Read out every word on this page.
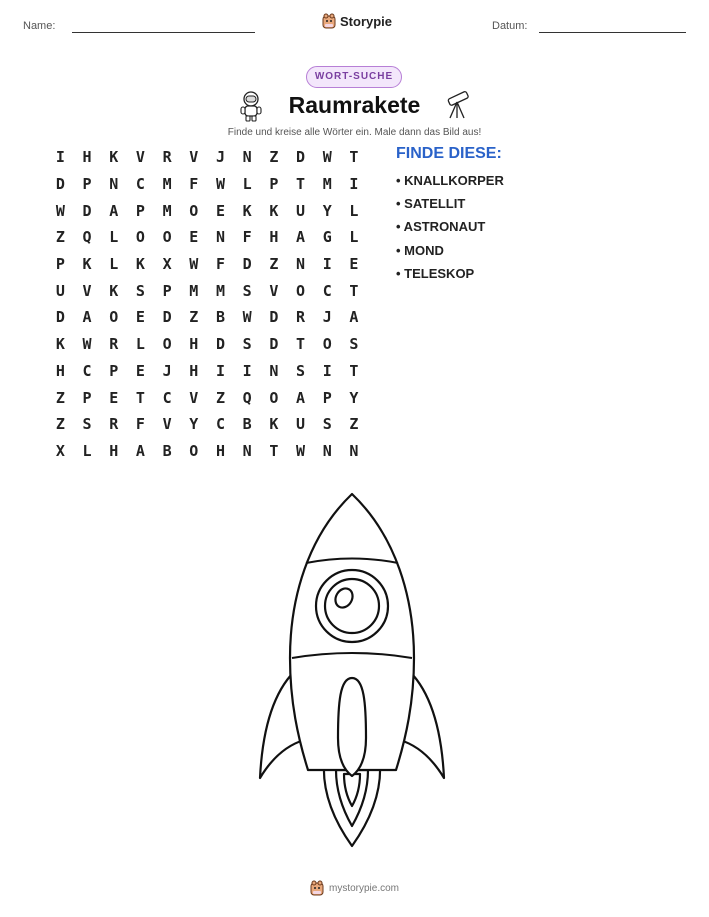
Name:	Storypie	Datum:
WORT-SUCHE
Raumrakete
Finde und kreise alle Wörter ein. Male dann das Bild aus!
I	H	K	V	R	V	J	N	Z	D	W	T
D	P	N	C	M	F	W	L	P	T	M	I
W	D	A	P	M	O	E	K	K	U	Y	L
Z	Q	L	O	O	E	N	F	H	A	G	L
P	K	L	K	X	W	F	D	Z	N	I	E
U	V	K	S	P	M	M	S	V	O	C	T
D	A	O	E	D	Z	B	W	D	R	J	A
K	W	R	L	O	H	D	S	D	T	O	S
H	C	P	E	J	H	I	I	N	S	I	T
Z	P	E	T	C	V	Z	Q	O	A	P	Y
Z	S	R	F	V	Y	C	B	K	U	S	Z
X	L	H	A	B	O	H	N	T	W	N	N
FINDE DIESE:
• KNALLKORPER
• SATELLIT
• ASTRONAUT
• MOND
• TELESKOP
mystorypie.com
